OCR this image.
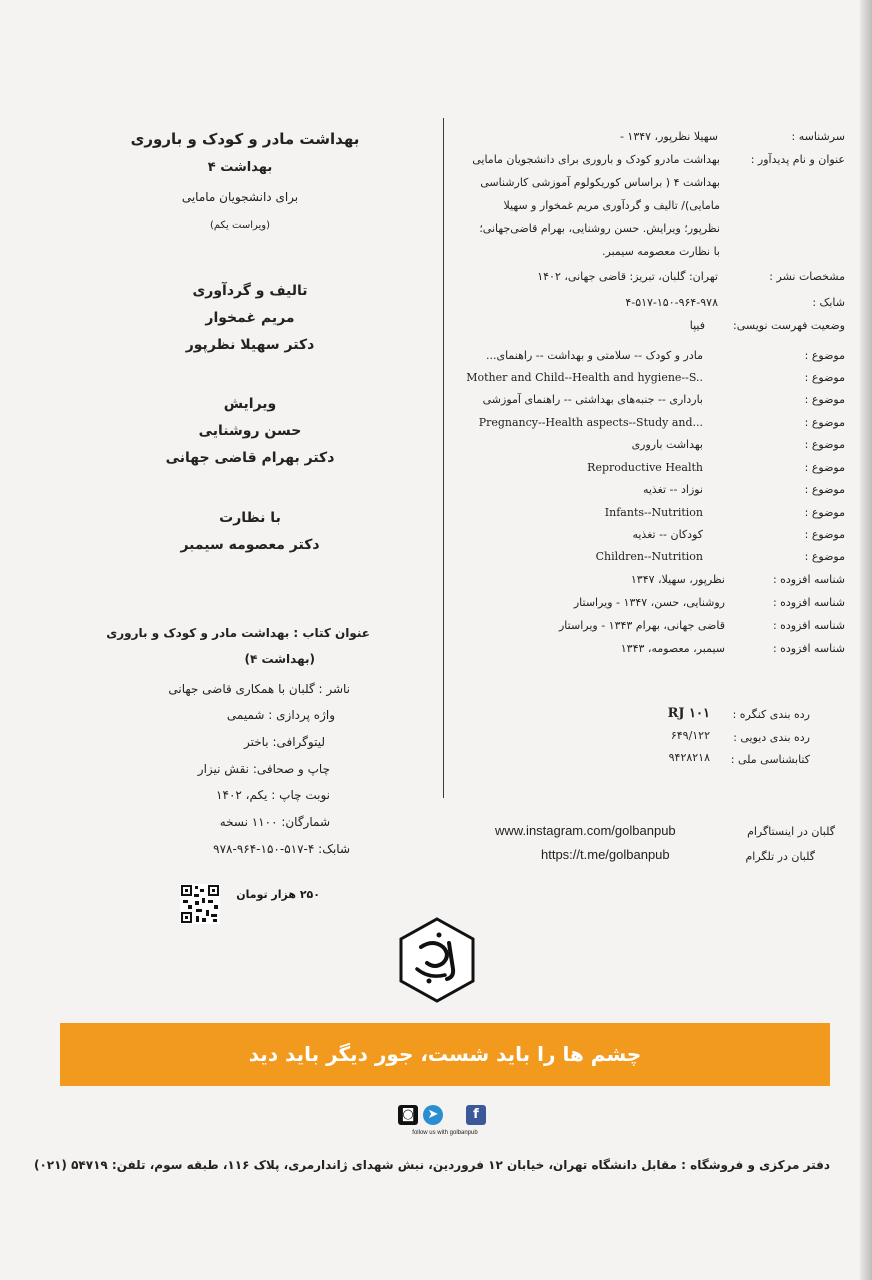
بهداشت مادر و کودک و باروری
بهداشت ۴
برای دانشجویان مامایی
(ویراست یکم)
تالیف و گردآوری
مریم غمخوار
دکتر سهیلا نظرپور
ویرایش
حسن روشنایی
دکتر بهرام قاضی جهانی
با نظارت
دکتر معصومه سیمبر
عنوان کتاب : بهداشت مادر و کودک و باروری
(بهداشت ۴)
ناشر : گلبان با همکاری قاضی جهانی
واژه پردازی : شمیمی
لیتوگرافی: باختر
چاپ و صحافی: نقش نیزار
نوبت چاپ : یکم، ۱۴۰۲
شمارگان: ۱۱۰۰ نسخه
شابک: ۴-۵۱۷-۱۵۰-۹۶۴-۹۷۸
۲۵۰ هزار تومان
سرشناسه :
سهیلا نظرپور، ۱۳۴۷ -
عنوان و نام پدیدآور :
بهداشت مادرو کودک و باروری برای دانشجویان مامایی
بهداشت ۴ ( براساس کوریکولوم آموزشی کارشناسی
مامایی)/ تالیف و گردآوری مریم غمخوار و سهیلا
نظرپور؛ ویرایش. حسن روشنایی، بهرام قاضی‌جهانی؛
با نظارت معصومه سیمبر.
مشخصات نشر :
تهران: گلبان، تبریز: قاضی جهانی، ۱۴۰۲
شابک :
۴-۵۱۷-۱۵۰-۹۶۴-۹۷۸
وضعیت فهرست نویسی:
فیپا
موضوع :
مادر و کودک -- سلامتی و بهداشت -- راهنمای...
موضوع :
Mother and Child--Health and hygiene--S..
موضوع :
بارداری -- جنبه‌های بهداشتی -- راهنمای آموزشی
موضوع :
Pregnancy--Health aspects--Study and...
موضوع :
بهداشت باروری
موضوع :
Reproductive Health
موضوع :
نوزاد -- تغذیه
موضوع :
Infants--Nutrition
موضوع :
کودکان -- تغذیه
موضوع :
Children--Nutrition
شناسه افزوده :
نظرپور، سهیلا، ۱۳۴۷
شناسه افزوده :
روشنایی، حسن، ۱۳۴۷ - ویراستار
شناسه افزوده :
قاضی جهانی، بهرام ۱۳۴۳ - ویراستار
شناسه افزوده :
سیمبر، معصومه، ۱۳۴۳
رده بندی کنگره :
RJ ۱۰۱
رده بندی دیویی :
۶۴۹/۱۲۲
کتابشناسی ملی :
۹۴۲۸۲۱۸
www.instagram.com/golbanpub	گلبان در اینستاگرام
https://t.me/golbanpub	گلبان در تلگرام
چشم ها را باید شست، جور دیگر باید دید
◙	➤	f
follow us with golbanpub
دفتر مرکزی و فروشگاه : مقابل دانشگاه تهران، خیابان ۱۲ فروردین، نبش شهدای ژاندارمری، پلاک ۱۱۶، طبقه سوم، تلفن: ۵۴۷۱۹ (۰۲۱)
